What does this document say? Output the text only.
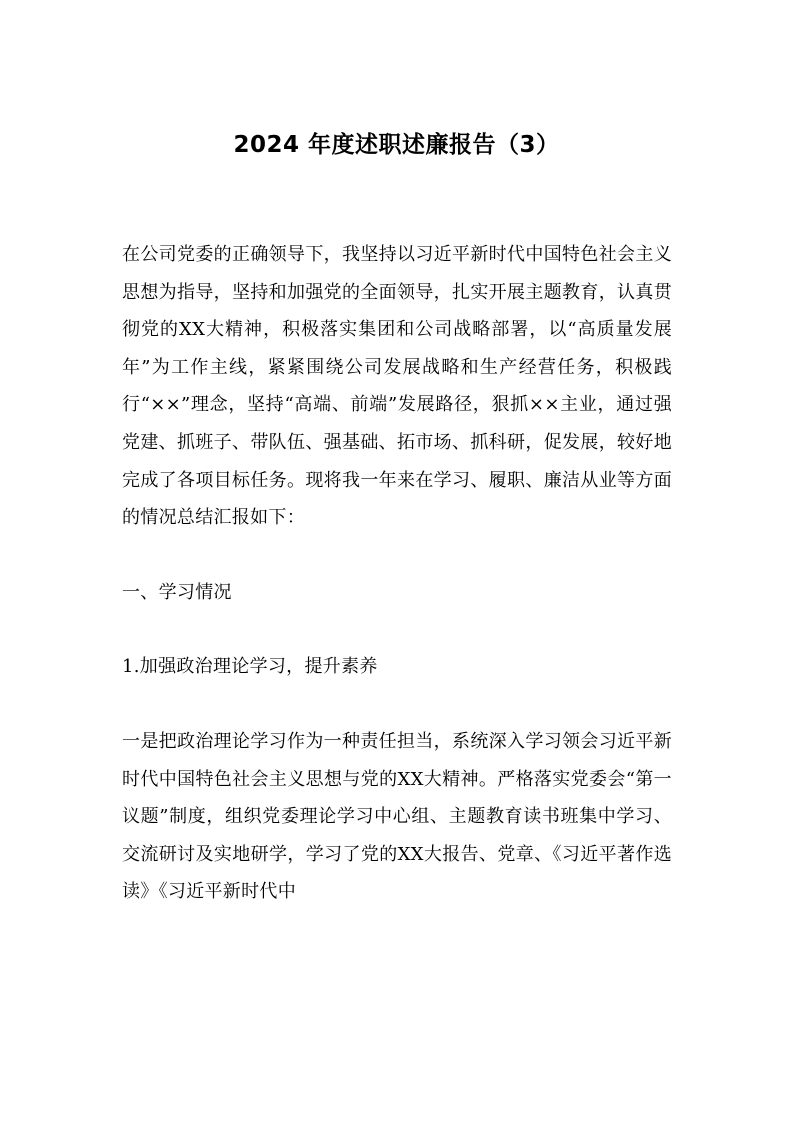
2024 年度述职述廉报告（3）

在公司党委的正确领导下，我坚持以习近平新时代中国特色社会主义思想为指导，坚持和加强党的全面领导，扎实开展主题教育，认真贯彻党的XX大精神，积极落实集团和公司战略部署，以“高质量发展年”为工作主线，紧紧围绕公司发展战略和生产经营任务，积极践行“××”理念，坚持“高端、前端”发展路径，狠抓××主业，通过强党建、抓班子、带队伍、强基础、拓市场、抓科研，促发展，较好地完成了各项目标任务。现将我一年来在学习、履职、廉洁从业等方面的情况总结汇报如下：

一、学习情况

1.加强政治理论学习，提升素养

一是把政治理论学习作为一种责任担当，系统深入学习领会习近平新时代中国特色社会主义思想与党的XX大精神。严格落实党委会“第一议题”制度，组织党委理论学习中心组、主题教育读书班集中学习、交流研讨及实地研学，学习了党的XX大报告、党章、《习近平著作选读》《习近平新时代中
